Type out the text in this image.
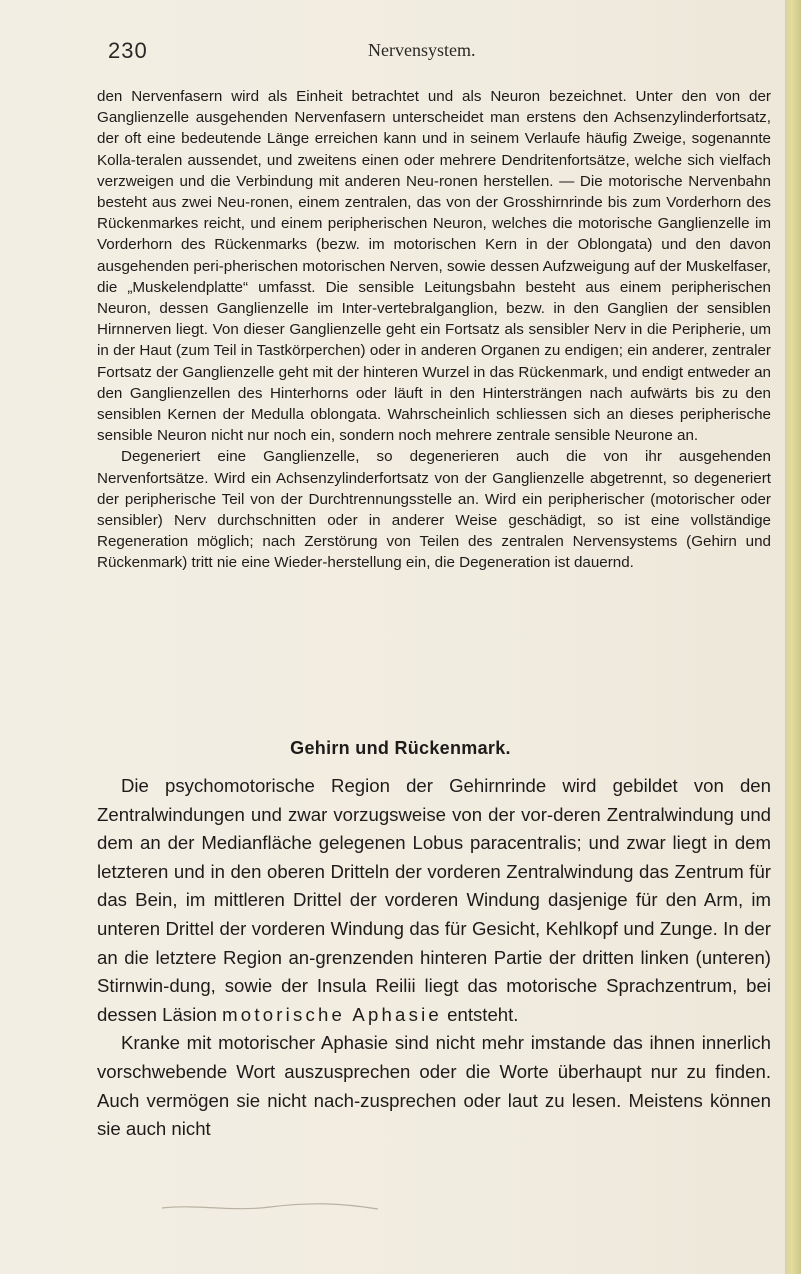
230	Nervensystem.

den Nervenfasern wird als Einheit betrachtet und als Neuron bezeichnet. Unter den von der Ganglienzelle ausgehenden Nervenfasern unterscheidet man erstens den Achsenzylinderfortsatz, der oft eine bedeutende Länge erreichen kann und in seinem Verlaufe häufig Zweige, sogenannte Kolla-teralen aussendet, und zweitens einen oder mehrere Dendritenfortsätze, welche sich vielfach verzweigen und die Verbindung mit anderen Neu-ronen herstellen. — Die motorische Nervenbahn besteht aus zwei Neu-ronen, einem zentralen, das von der Grosshirnrinde bis zum Vorderhorn des Rückenmarkes reicht, und einem peripherischen Neuron, welches die motorische Ganglienzelle im Vorderhorn des Rückenmarks (bezw. im motorischen Kern in der Oblongata) und den davon ausgehenden peri-pherischen motorischen Nerven, sowie dessen Aufzweigung auf der Muskelfaser, die „Muskelendplatte“ umfasst. Die sensible Leitungsbahn besteht aus einem peripherischen Neuron, dessen Ganglienzelle im Inter-vertebralganglion, bezw. in den Ganglien der sensiblen Hirnnerven liegt. Von dieser Ganglienzelle geht ein Fortsatz als sensibler Nerv in die Peripherie, um in der Haut (zum Teil in Tastkörperchen) oder in anderen Organen zu endigen; ein anderer, zentraler Fortsatz der Ganglienzelle geht mit der hinteren Wurzel in das Rückenmark, und endigt entweder an den Ganglienzellen des Hinterhorns oder läuft in den Hintersträngen nach aufwärts bis zu den sensiblen Kernen der Medulla oblongata. Wahrscheinlich schliessen sich an dieses peripherische sensible Neuron nicht nur noch ein, sondern noch mehrere zentrale sensible Neurone an.

Degeneriert eine Ganglienzelle, so degenerieren auch die von ihr ausgehenden Nervenfortsätze. Wird ein Achsenzylinderfortsatz von der Ganglienzelle abgetrennt, so degeneriert der peripherische Teil von der Durchtrennungsstelle an. Wird ein peripherischer (motorischer oder sensibler) Nerv durchschnitten oder in anderer Weise geschädigt, so ist eine vollständige Regeneration möglich; nach Zerstörung von Teilen des zentralen Nervensystems (Gehirn und Rückenmark) tritt nie eine Wieder-herstellung ein, die Degeneration ist dauernd.

Gehirn und Rückenmark.

Die psychomotorische Region der Gehirnrinde wird gebildet von den Zentralwindungen und zwar vorzugsweise von der vor-deren Zentralwindung und dem an der Medianfläche gelegenen Lobus paracentralis; und zwar liegt in dem letzteren und in den oberen Dritteln der vorderen Zentralwindung das Zentrum für das Bein, im mittleren Drittel der vorderen Windung dasjenige für den Arm, im unteren Drittel der vorderen Windung das für Gesicht, Kehlkopf und Zunge. In der an die letztere Region an-grenzenden hinteren Partie der dritten linken (unteren) Stirnwin-dung, sowie der Insula Reilii liegt das motorische Sprachzentrum, bei dessen Läsion motorische Aphasie entsteht.

Kranke mit motorischer Aphasie sind nicht mehr imstande das ihnen innerlich vorschwebende Wort auszusprechen oder die Worte überhaupt nur zu finden. Auch vermögen sie nicht nach-zusprechen oder laut zu lesen. Meistens können sie auch nicht
